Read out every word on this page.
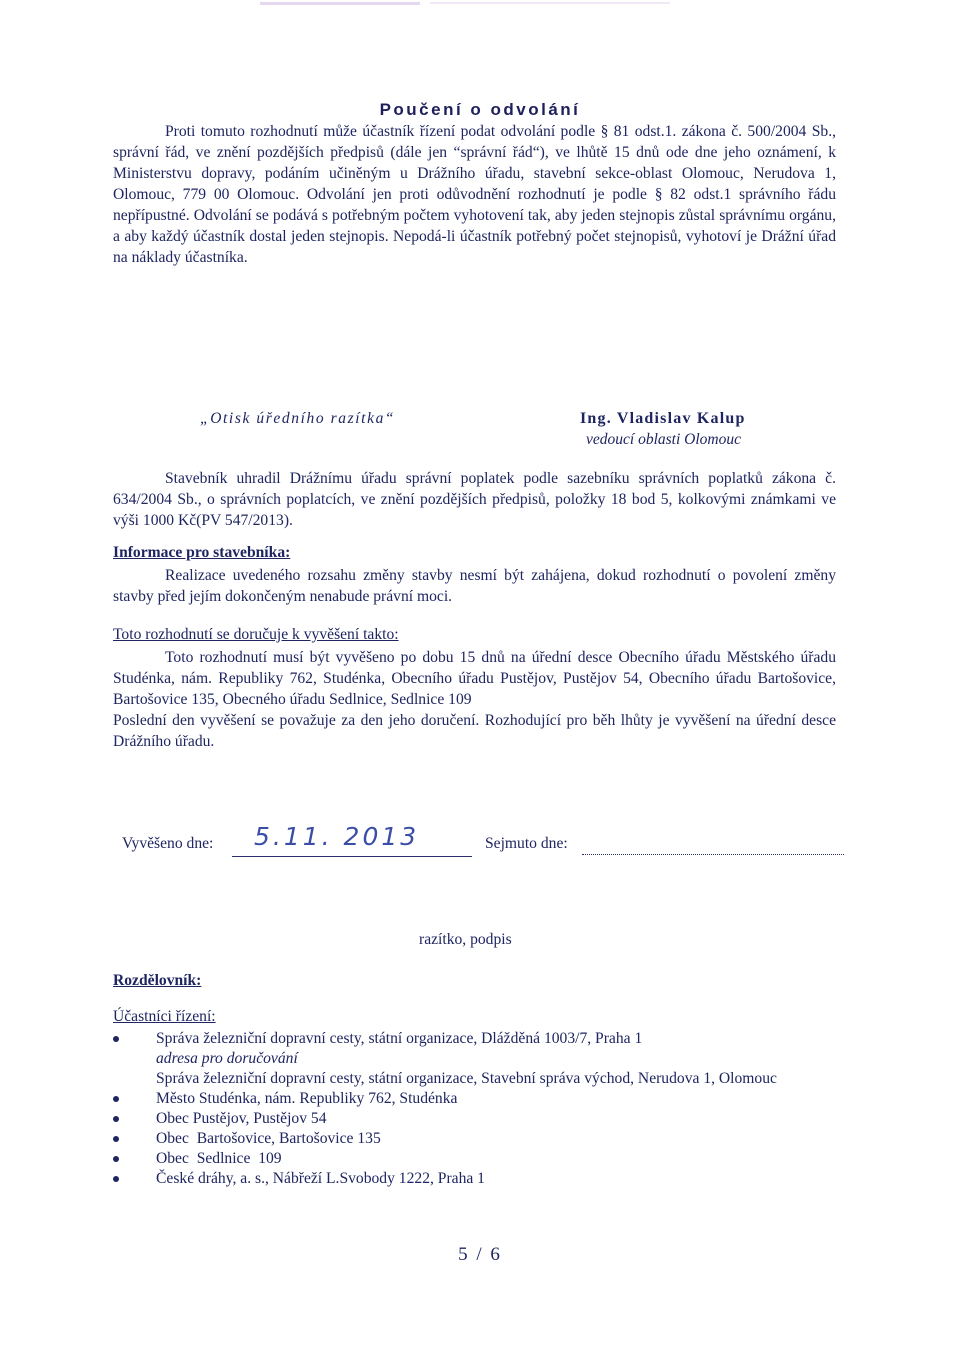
Poučení o odvolání
Proti tomuto rozhodnutí může účastník řízení podat odvolání podle § 81 odst.1. zákona č. 500/2004 Sb., správní řád, ve znění pozdějších předpisů (dále jen “správní řád“), ve lhůtě 15 dnů ode dne jeho oznámení, k Ministerstvu dopravy, podáním učiněným u Drážního úřadu, stavební sekce-oblast Olomouc, Nerudova 1, Olomouc, 779 00 Olomouc. Odvolání jen proti odůvodnění rozhodnutí je podle § 82 odst.1 správního řádu nepřípustné. Odvolání se podává s potřebným počtem vyhotovení tak, aby jeden stejnopis zůstal správnímu orgánu, a aby každý účastník dostal jeden stejnopis. Nepodá-li účastník potřebný počet stejnopisů, vyhotoví je Drážní úřad na náklady účastníka.
„Otisk úředního razítka“	Ing. Vladislav Kalup
vedoucí oblasti Olomouc
Stavebník uhradil Drážnímu úřadu správní poplatek podle sazebníku správních poplatků zákona č. 634/2004 Sb., o správních poplatcích, ve znění pozdějších předpisů, položky 18 bod 5, kolkovými známkami ve výši 1000 Kč(PV 547/2013).
Informace pro stavebníka:
Realizace uvedeného rozsahu změny stavby nesmí být zahájena, dokud rozhodnutí o povolení změny stavby před jejím dokončeným nenabude právní moci.
Toto rozhodnutí se doručuje k vyvěšení takto:
Toto rozhodnutí musí být vyvěšeno po dobu 15 dnů na úřední desce Obecního úřadu Městského úřadu Studénka, nám. Republiky 762, Studénka, Obecního úřadu Pustějov, Pustějov 54, Obecního úřadu Bartošovice, Bartošovice 135, Obecného úřadu Sedlnice, Sedlnice 109
Poslední den vyvěšení se považuje za den jeho doručení. Rozhodující pro běh lhůty je vyvěšení na úřední desce Drážního úřadu.
Vyvěšeno dne: 5.11. 2013	Sejmuto dne:
razítko, podpis
Rozdělovník:
Účastníci řízení:
Správa železniční dopravní cesty, státní organizace, Dlážděná 1003/7, Praha 1
adresa pro doručování
Správa železniční dopravní cesty, státní organizace, Stavební správa východ, Nerudova 1, Olomouc
Město Studénka, nám. Republiky 762, Studénka
Obec Pustějov, Pustějov 54
Obec  Bartošovice, Bartošovice 135
Obec  Sedlnice  109
České dráhy, a. s., Nábřeží L.Svobody 1222, Praha 1
5 / 6
